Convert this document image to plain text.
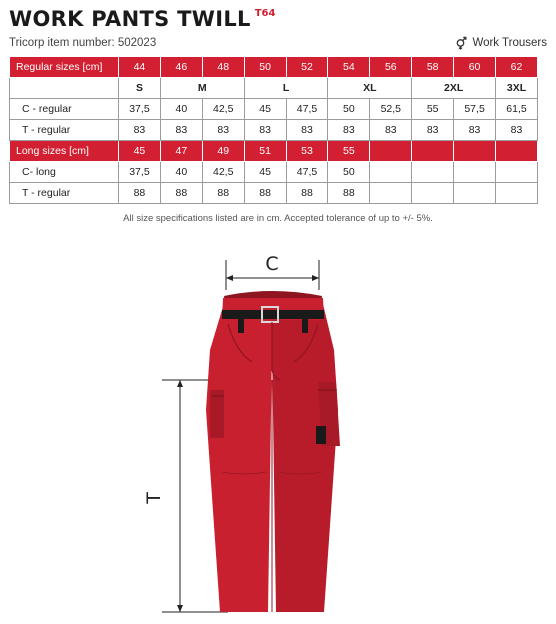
WORK PANTS TWILL T64
Tricorp item number: 502023	Work Trousers
Regular sizes [cm]	44	46	48	50	52	54	56	58	60	62
	S	M		L		XL		2XL		3XL
C - regular	37,5	40	42,5	45	47,5	50	52,5	55	57,5	61,5
T - regular	83	83	83	83	83	83	83	83	83	83
Long sizes [cm]	45	47	49	51	53	55				
C- long	37,5	40	42,5	45	47,5	50				
T - regular	88	88	88	88	88	88				
All size specifications listed are in cm. Accepted tolerance of up to +/- 5%.
C
T
